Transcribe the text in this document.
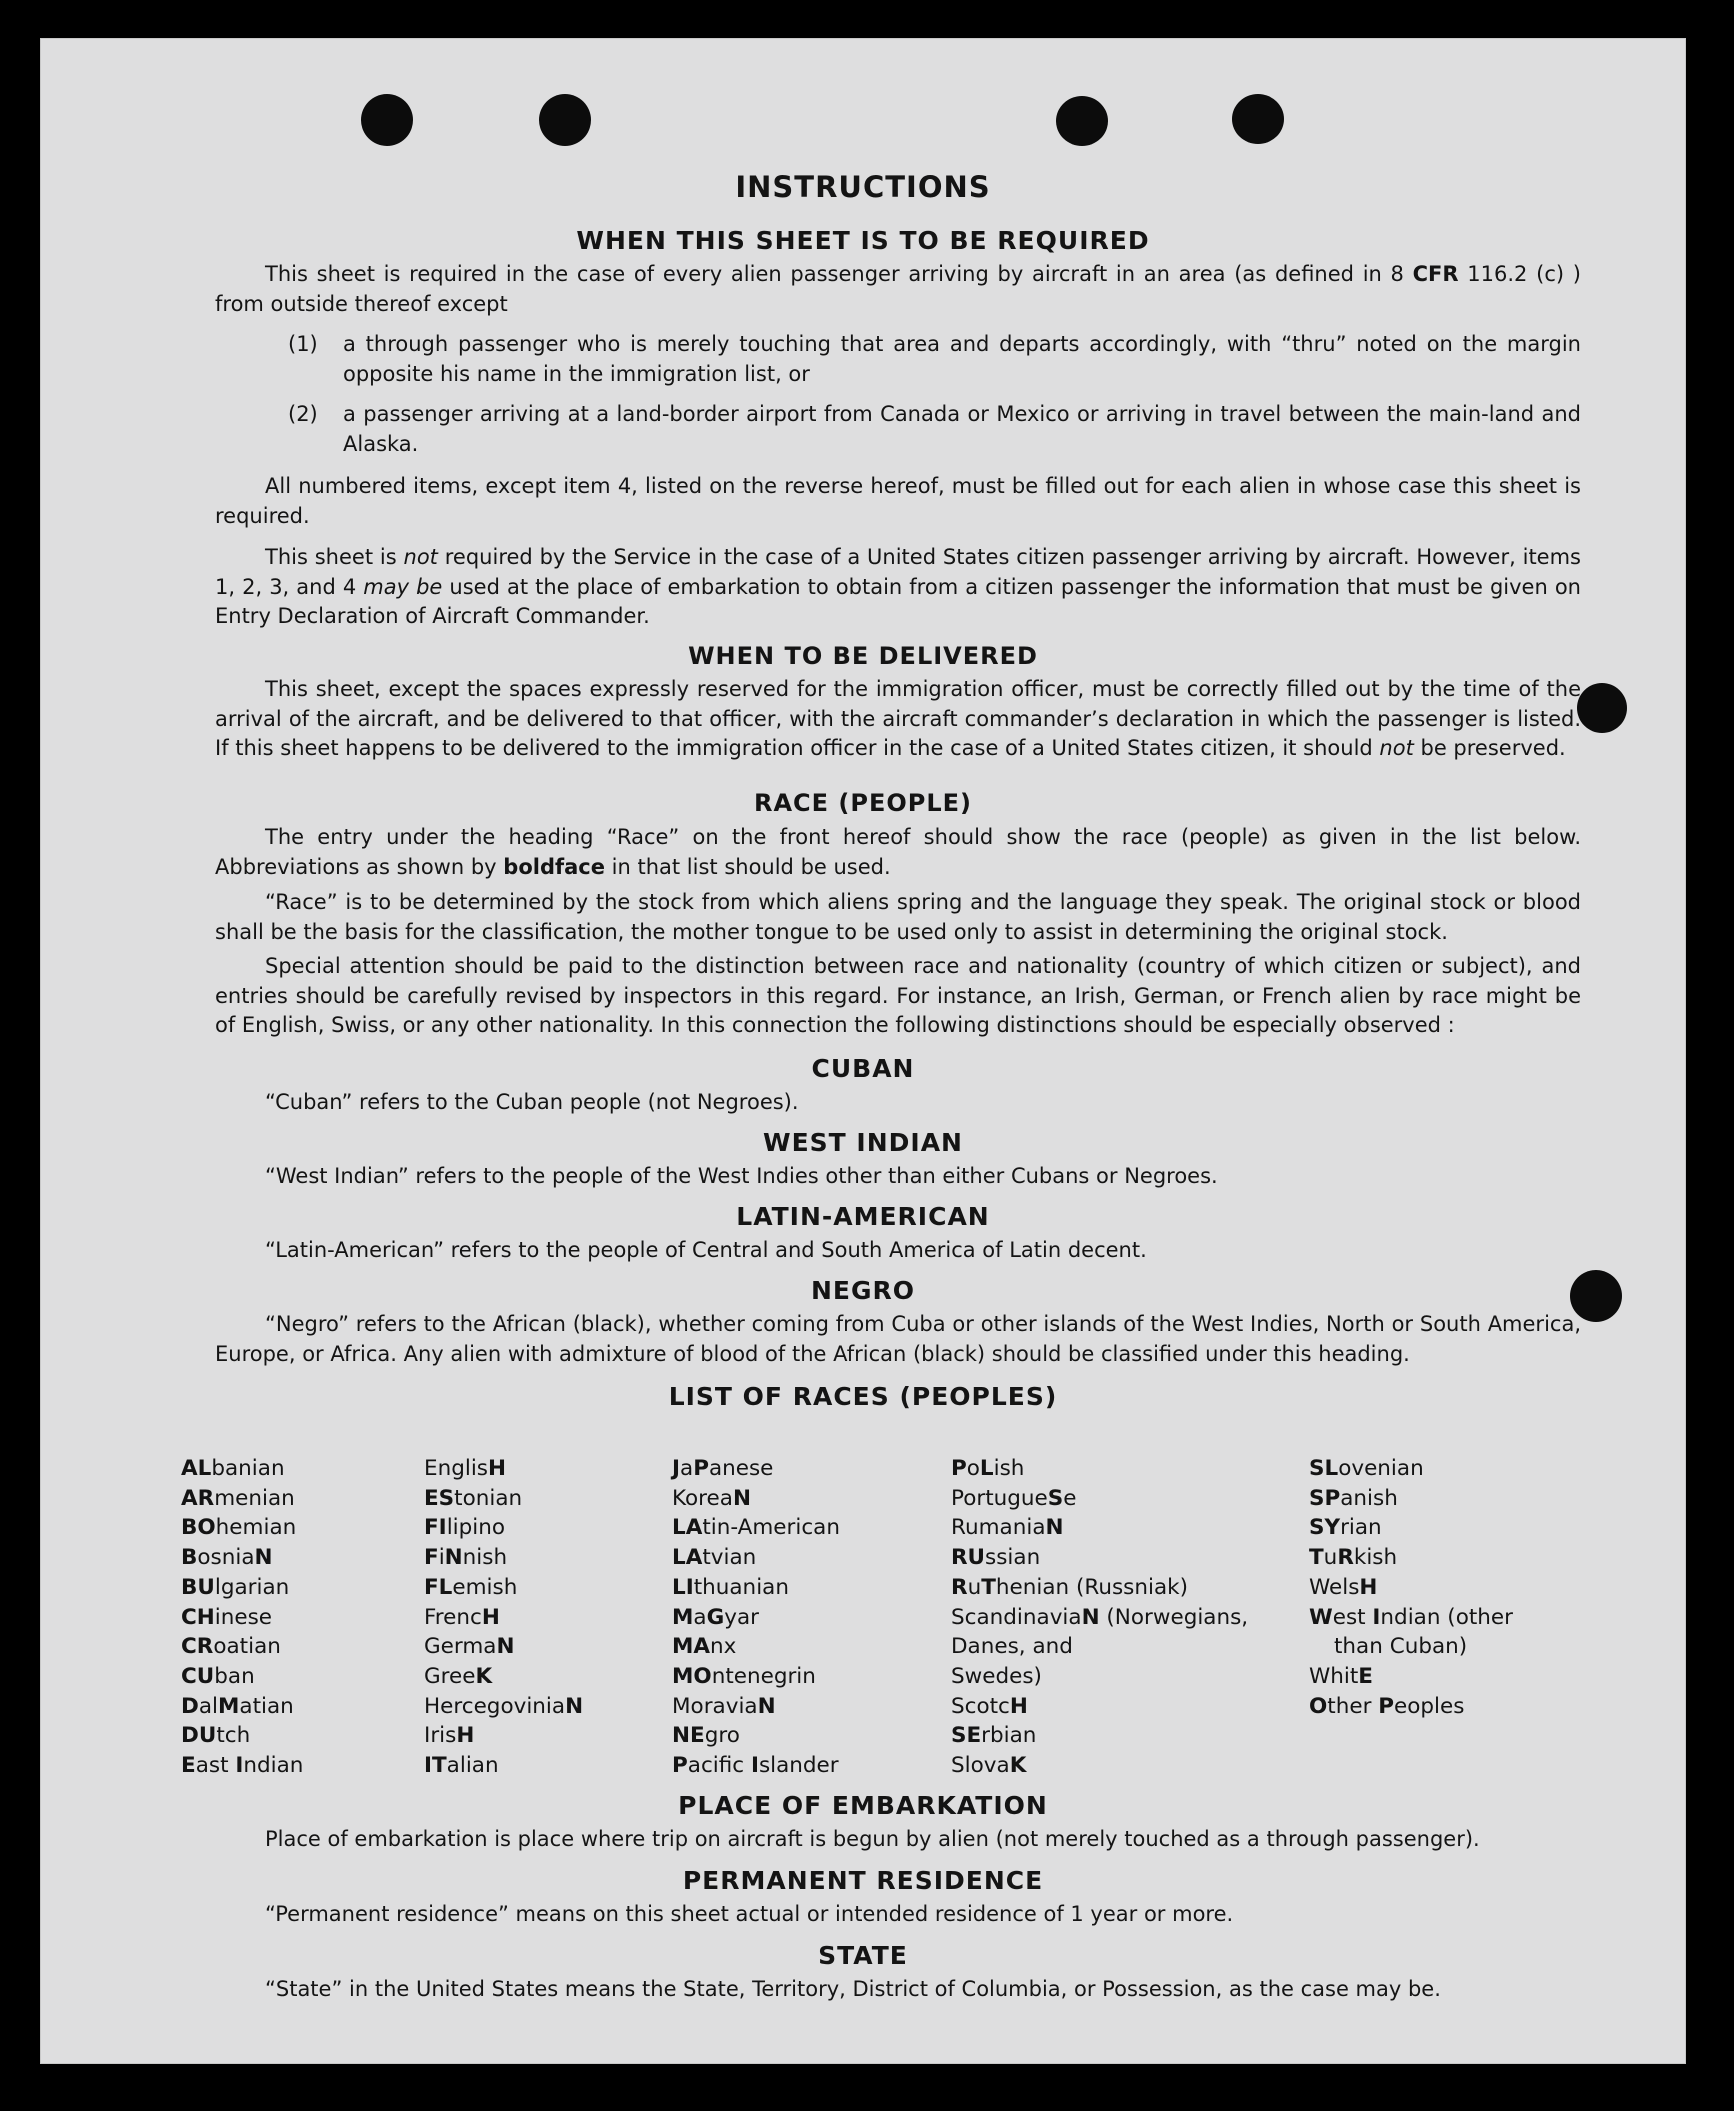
INSTRUCTIONS
WHEN THIS SHEET IS TO BE REQUIRED

This sheet is required in the case of every alien passenger arriving by aircraft in an area (as defined in 8 CFR 116.2 (c) ) from outside thereof except

(1) a through passenger who is merely touching that area and departs accordingly, with “thru” noted on the margin opposite his name in the immigration list, or

(2) a passenger arriving at a land-border airport from Canada or Mexico or arriving in travel between the main-land and Alaska.

All numbered items, except item 4, listed on the reverse hereof, must be filled out for each alien in whose case this sheet is required.

This sheet is not required by the Service in the case of a United States citizen passenger arriving by aircraft. However, items 1, 2, 3, and 4 may be used at the place of embarkation to obtain from a citizen passenger the information that must be given on Entry Declaration of Aircraft Commander.

WHEN TO BE DELIVERED

This sheet, except the spaces expressly reserved for the immigration officer, must be correctly filled out by the time of the arrival of the aircraft, and be delivered to that officer, with the aircraft commander’s declaration in which the passenger is listed. If this sheet happens to be delivered to the immigration officer in the case of a United States citizen, it should not be preserved.

RACE (PEOPLE)

The entry under the heading “Race” on the front hereof should show the race (people) as given in the list below. Abbreviations as shown by boldface in that list should be used.

“Race” is to be determined by the stock from which aliens spring and the language they speak. The original stock or blood shall be the basis for the classification, the mother tongue to be used only to assist in determining the original stock.

Special attention should be paid to the distinction between race and nationality (country of which citizen or subject), and entries should be carefully revised by inspectors in this regard. For instance, an Irish, German, or French alien by race might be of English, Swiss, or any other nationality. In this connection the following distinctions should be especially observed :

CUBAN

“Cuban” refers to the Cuban people (not Negroes).

WEST INDIAN

“West Indian” refers to the people of the West Indies other than either Cubans or Negroes.

LATIN-AMERICAN

“Latin-American” refers to the people of Central and South America of Latin decent.

NEGRO

“Negro” refers to the African (black), whether coming from Cuba or other islands of the West Indies, North or South America, Europe, or Africa. Any alien with admixture of blood of the African (black) should be classified under this heading.

LIST OF RACES (PEOPLES)
ALbanian
ARmenian
BOhemian
BosniaN
BUlgarian
CHinese
CRoatian
CUban
DalMatian
DUtch
East Indian
EnglisH
EStonian
FIlipino
FiNnish
FLemish
FrencH
GermaN
GreeK
HercegoviniaN
IrisH
ITalian
JaPanese
KoreaN
LAtin-American
LAtvian
LIthuanian
MaGyar
MAnx
MOntenegrin
MoraviaN
NEgro
Pacific Islander
PoLish
PortugueSe
RumaniaN
RUssian
RuThenian (Russniak)
ScandinaviaN (Norwegians,
Danes, and
Swedes)
ScotcH
SErbian
SlovaK
SLovenian
SPanish
SYrian
TuRkish
WelsH
West Indian (other
than Cuban)
WhitE
Other Peoples
PLACE OF EMBARKATION

Place of embarkation is place where trip on aircraft is begun by alien (not merely touched as a through passenger).

PERMANENT RESIDENCE

“Permanent residence” means on this sheet actual or intended residence of 1 year or more.

STATE

“State” in the United States means the State, Territory, District of Columbia, or Possession, as the case may be.
